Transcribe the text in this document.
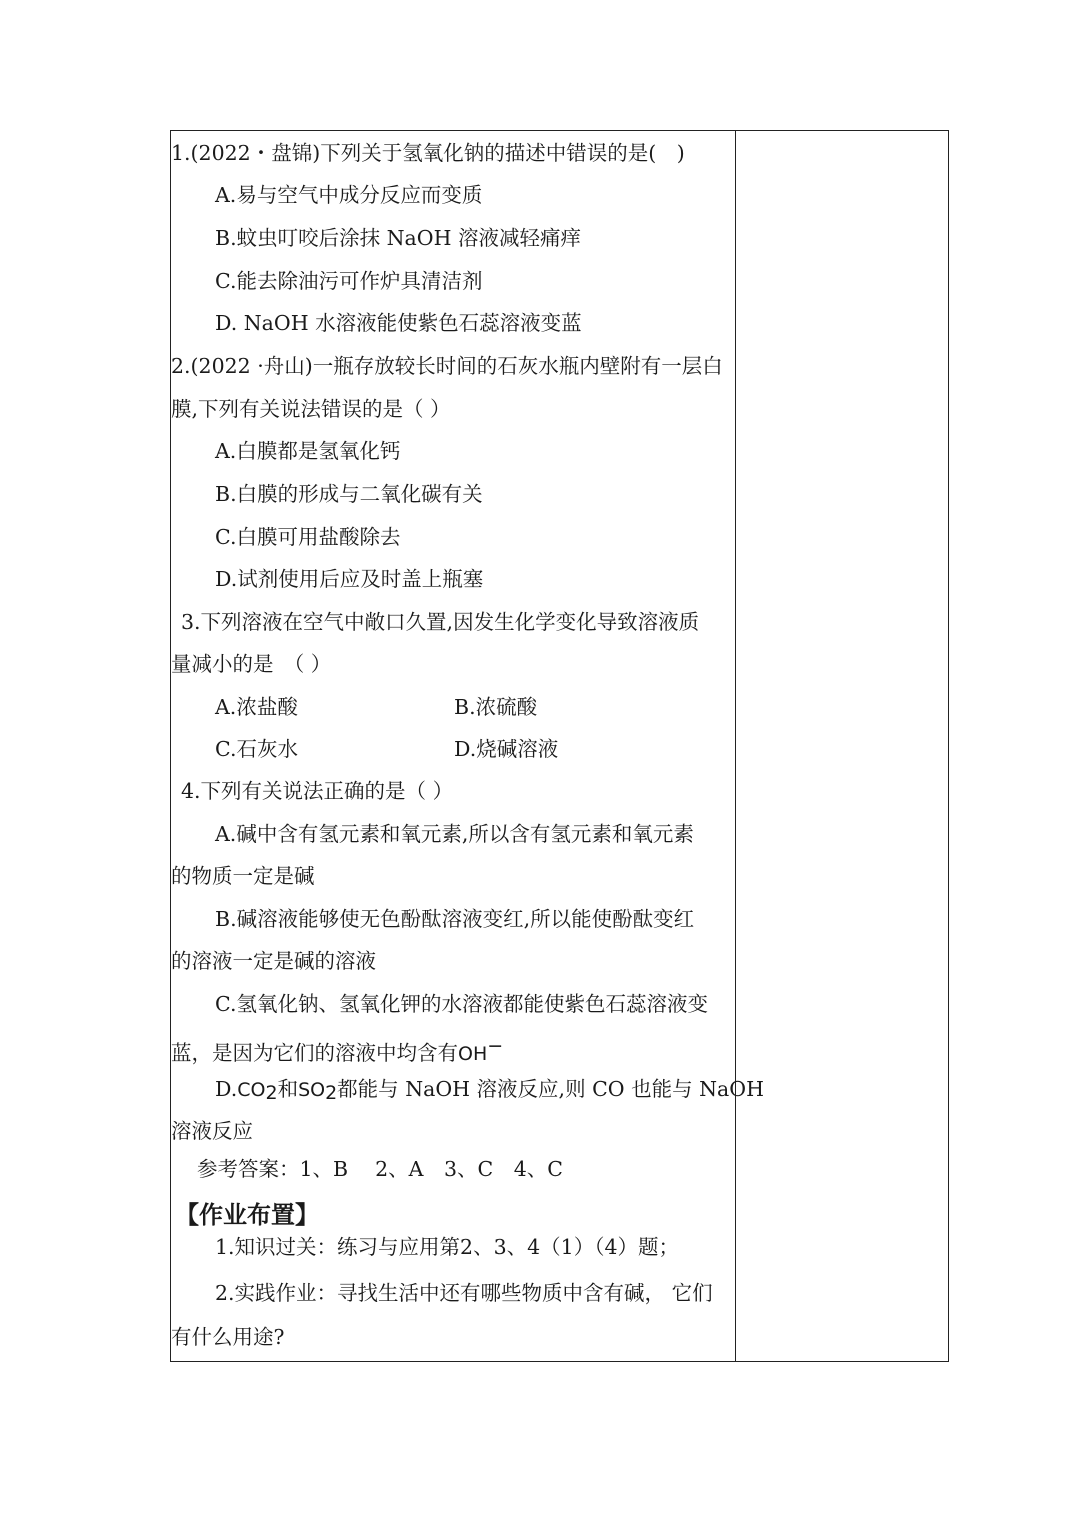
1.(2022・盘锦)下列关于氢氧化钠的描述中错误的是(　)
A.易与空气中成分反应而变质
B.蚊虫叮咬后涂抹 NaOH 溶液减轻痛痒
C.能去除油污可作炉具清洁剂
D. NaOH 水溶液能使紫色石蕊溶液变蓝
2.(2022 ·舟山)一瓶存放较长时间的石灰水瓶内壁附有一层白
膜,下列有关说法错误的是（ ）
A.白膜都是氢氧化钙
B.白膜的形成与二氧化碳有关
C.白膜可用盐酸除去
D.试剂使用后应及时盖上瓶塞
3.下列溶液在空气中敞口久置,因发生化学变化导致溶液质
量减小的是　（ ）
A.浓盐酸	B.浓硫酸
C.石灰水	D.烧碱溶液
4.下列有关说法正确的是（ ）
A.碱中含有氢元素和氧元素,所以含有氢元素和氧元素
的物质一定是碱
B.碱溶液能够使无色酚酞溶液变红,所以能使酚酞变红
的溶液一定是碱的溶液
C.氢氧化钠、氢氧化钾的水溶液都能使紫色石蕊溶液变
蓝，是因为它们的溶液中均含有OH−
$D.CO_2$和$SO_2$都能与 NaOH 溶液反应,则 CO 也能与 NaOH
溶液反应
参考答案：1、B　 2、A　3、C　4、C
【作业布置】
1.知识过关：练习与应用第2、3、4（1）（4）题；
2.实践作业：寻找生活中还有哪些物质中含有碱， 它们
有什么用途?
